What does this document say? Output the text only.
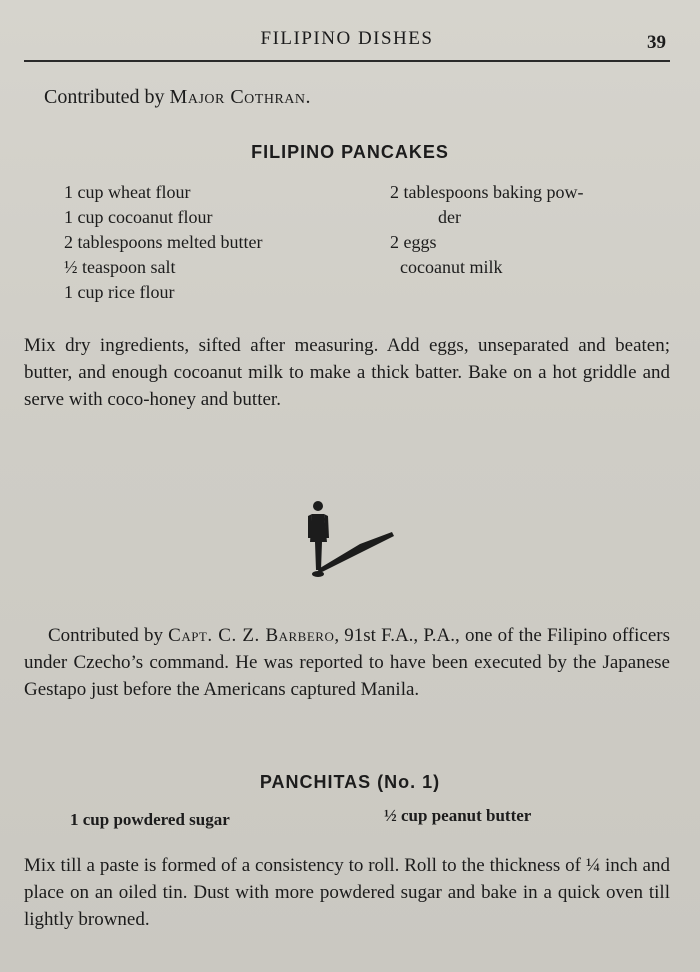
FILIPINO DISHES	39
Contributed by Major Cothran.
FILIPINO PANCAKES
1 cup wheat flour
1 cup cocoanut flour
2 tablespoons melted butter
½ teaspoon salt
1 cup rice flour
2 tablespoons baking pow-
der
2 eggs
cocoanut milk
Mix dry ingredients, sifted after measuring. Add eggs, unseparated and beaten; butter, and enough cocoanut milk to make a thick batter. Bake on a hot griddle and serve with coco-honey and butter.
Contributed by Capt. C. Z. Barbero, 91st F.A., P.A., one of the Filipino officers under Czecho’s command. He was reported to have been executed by the Japanese Gestapo just before the Americans captured Manila.
PANCHITAS (No. 1)
1 cup powdered sugar	½ cup peanut butter
Mix till a paste is formed of a consistency to roll. Roll to the thickness of ¼ inch and place on an oiled tin. Dust with more powdered sugar and bake in a quick oven till lightly browned.
